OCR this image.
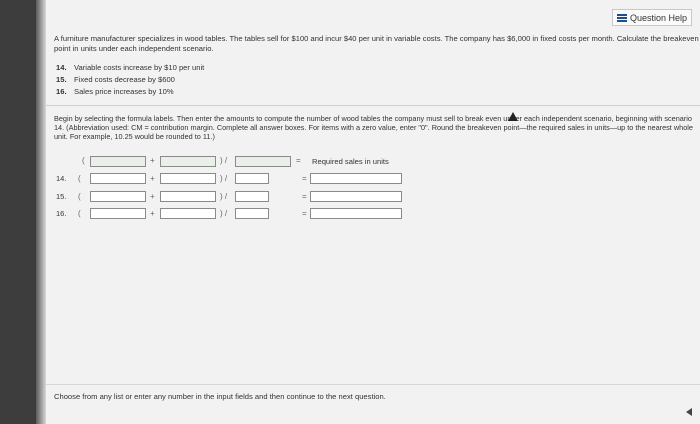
Question Help
A furniture manufacturer specializes in wood tables. The tables sell for $100 and incur $40 per unit in variable costs. The company has $6,000 in fixed costs per month. Calculate the breakeven point in units under each independent scenario.
14. Variable costs increase by $10 per unit
15. Fixed costs decrease by $600
16. Sales price increases by 10%
Begin by selecting the formula labels. Then enter the amounts to compute the number of wood tables the company must sell to break even under each independent scenario, beginning with scenario 14. (Abbreviation used: CM = contribution margin. Complete all answer boxes. For items with a zero value, enter "0". Round the breakeven point—the required sales in units—up to the nearest whole unit. For example, 10.25 would be rounded to 11.)
(	+	) /	= Required sales in units
14. (	+	) /	=
15. (	+	) /	=
16. (	+	) /	=
Choose from any list or enter any number in the input fields and then continue to the next question.
